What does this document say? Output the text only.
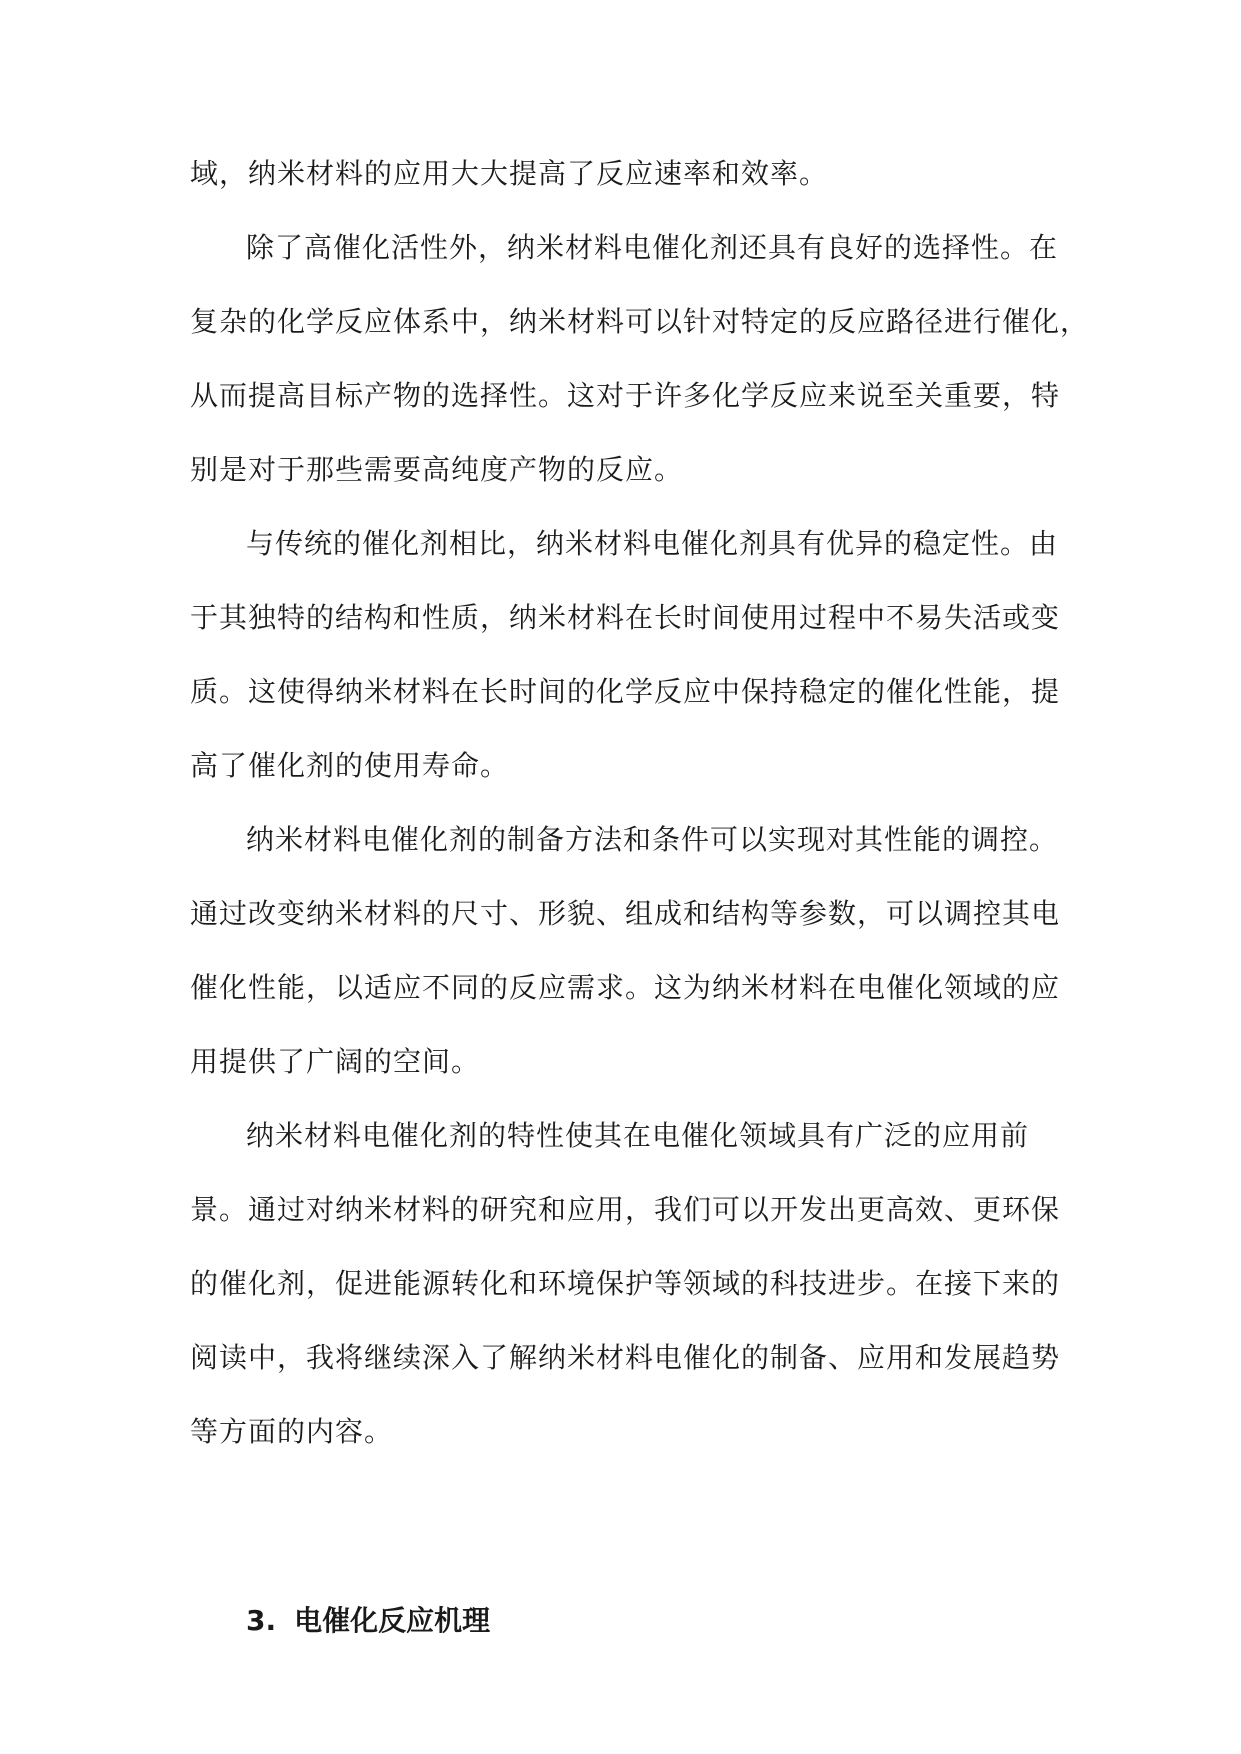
域，纳米材料的应用大大提高了反应速率和效率。
除了高催化活性外，纳米材料电催化剂还具有良好的选择性。在
复杂的化学反应体系中，纳米材料可以针对特定的反应路径进行催化，
从而提高目标产物的选择性。这对于许多化学反应来说至关重要，特
别是对于那些需要高纯度产物的反应。
与传统的催化剂相比，纳米材料电催化剂具有优异的稳定性。由
于其独特的结构和性质，纳米材料在长时间使用过程中不易失活或变
质。这使得纳米材料在长时间的化学反应中保持稳定的催化性能，提
高了催化剂的使用寿命。
纳米材料电催化剂的制备方法和条件可以实现对其性能的调控。
通过改变纳米材料的尺寸、形貌、组成和结构等参数，可以调控其电
催化性能，以适应不同的反应需求。这为纳米材料在电催化领域的应
用提供了广阔的空间。
纳米材料电催化剂的特性使其在电催化领域具有广泛的应用前
景。通过对纳米材料的研究和应用，我们可以开发出更高效、更环保
的催化剂，促进能源转化和环境保护等领域的科技进步。在接下来的
阅读中，我将继续深入了解纳米材料电催化的制备、应用和发展趋势
等方面的内容。
3. 电催化反应机理
